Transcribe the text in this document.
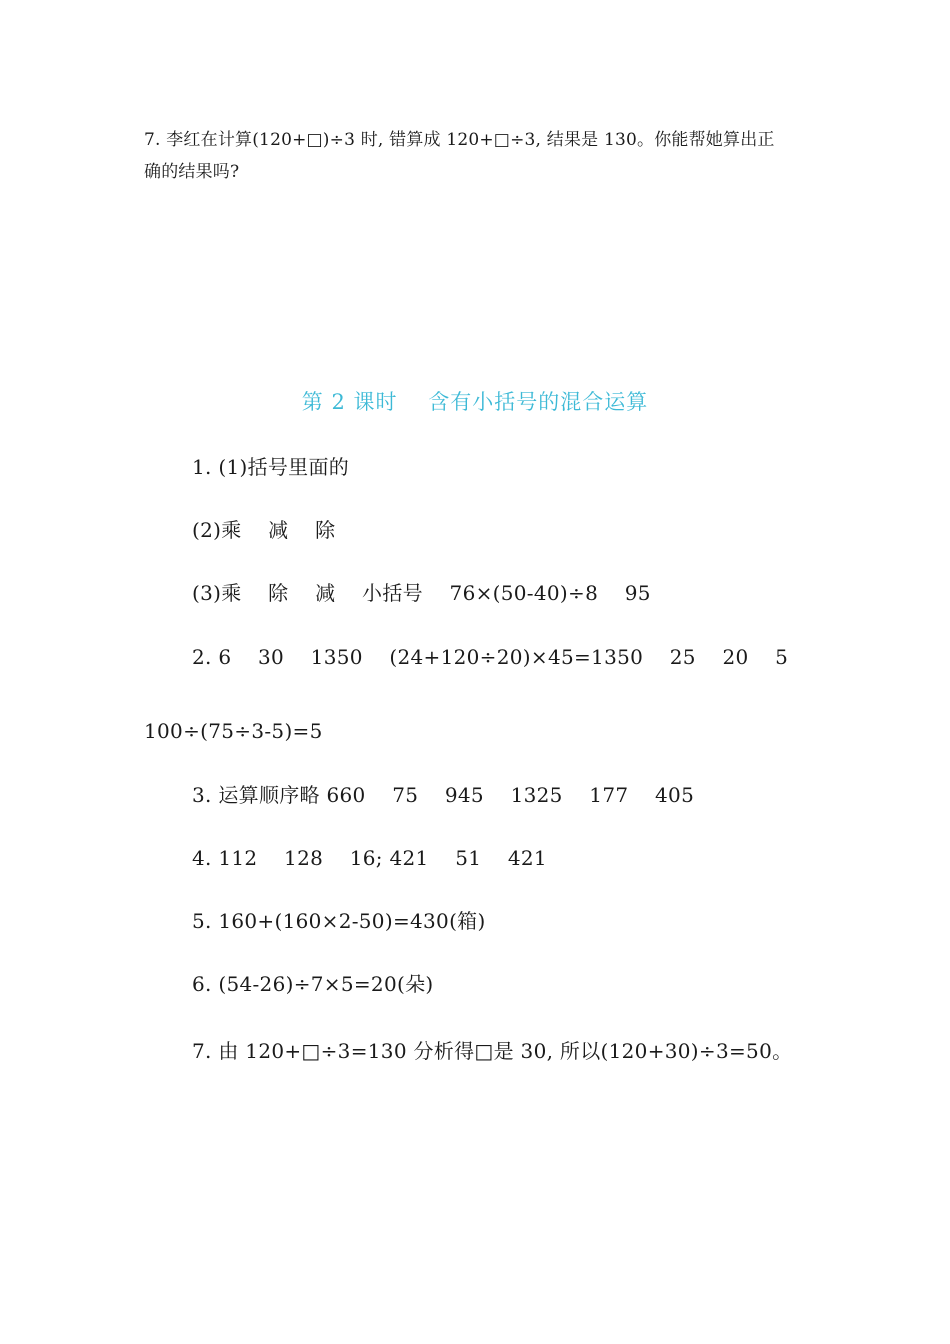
7. 李红在计算(120+□)÷3 时, 错算成 120+□÷3, 结果是 130。你能帮她算出正

确的结果吗?

第 2 课时    含有小括号的混合运算
1. (1)括号里面的
(2)乘    减    除
(3)乘    除    减    小括号    76×(50-40)÷8    95
2. 6    30    1350    (24+120÷20)×45=1350    25    20    5
100÷(75÷3-5)=5
3. 运算顺序略 660    75    945    1325    177    405
4. 112    128    16; 421    51    421
5. 160+(160×2-50)=430(箱)
6. (54-26)÷7×5=20(朵)
7. 由 120+□÷3=130 分析得□是 30, 所以(120+30)÷3=50。
